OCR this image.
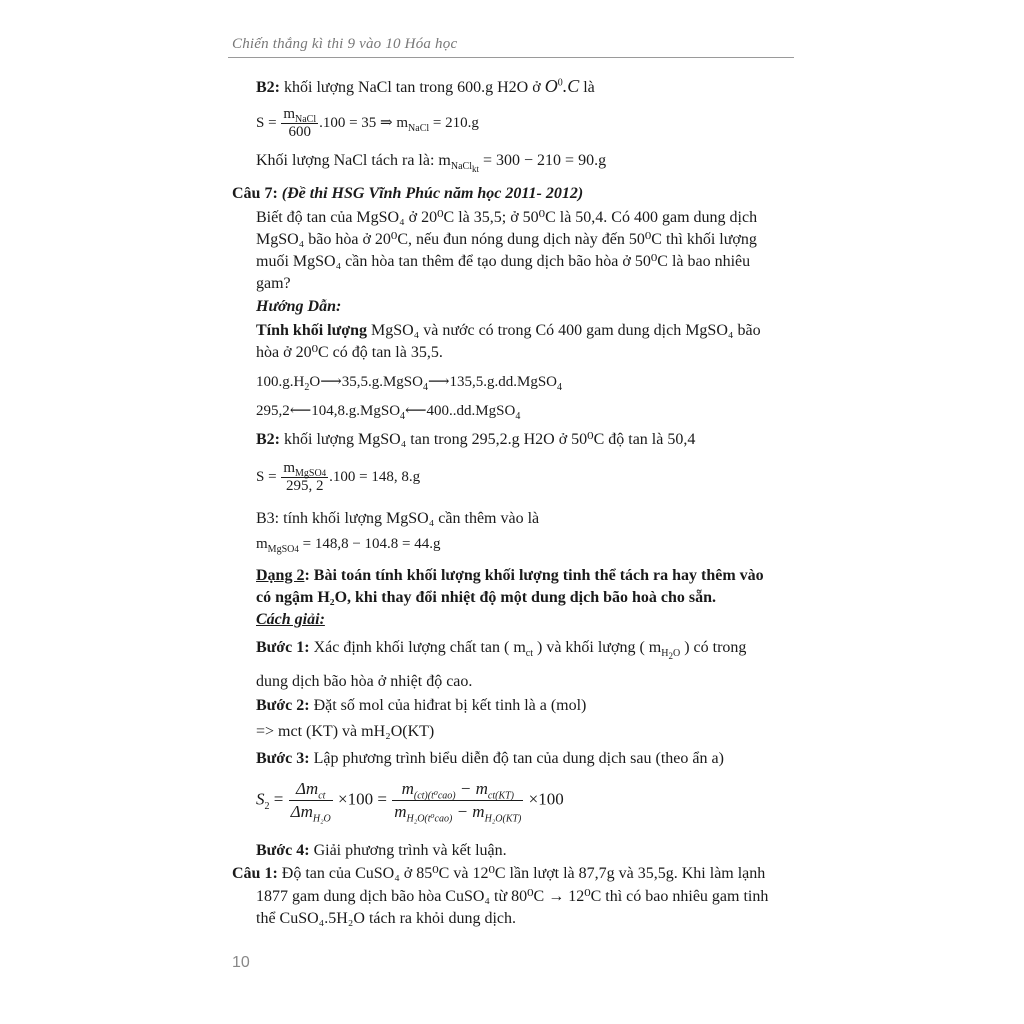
Chiến thắng kì thi 9 vào 10 Hóa học
B2: khối lượng NaCl tan trong 600.g H2O ở $O^0.C$ là
$S = \frac{m_{NaCl}}{600} .100 = 35$ ⇒ $m_{NaCl} = 210.g$
Khối lượng NaCl tách ra là: $m_{NaClkt} = 300 - 210 = 90.g$
Câu 7: (Đề thi HSG Vĩnh Phúc năm học 2011- 2012)
Biết độ tan của MgSO₄ ở 20⁰C là 35,5; ở 50⁰C là 50,4. Có 400 gam dung dịch
MgSO₄ bão hòa ở 20⁰C, nếu đun nóng dung dịch này đến 50⁰C thì khối lượng
muối MgSO₄ cần hòa tan thêm để tạo dung dịch bão hòa ở 50⁰C là bao nhiêu
gam?
Hướng Dẫn:
Tính khối lượng MgSO₄ và nước có trong Có 400 gam dung dịch MgSO₄ bão
hòa ở 20⁰C có độ tan là 35,5.
$100.g.H_2O⟶35,5.g.MgSO_4⟶135,5.g.dd.MgSO_4$
295,2⟵104,8.g.MgSO$_4$⟵400..dd.MgSO$_4$
B2: khối lượng MgSO₄ tan trong 295,2.g H2O ở 50⁰C độ tan là 50,4
$S = \frac{m_{MgSO4}}{295, 2} .100 = 148$, 8.g
B3: tính khối lượng MgSO₄ cần thêm vào là
$m_{MgSO4} = 148,8 - 104.8 = 44.g$
Dạng 2: Bài toán tính khối lượng khối lượng tinh thể tách ra hay thêm vào
có ngậm H₂O, khi thay đổi nhiệt độ một dung dịch bão hoà cho sẵn.
Cách giải:
Bước 1: Xác định khối lượng chất tan ( $m_{ct}$ ) và khối lượng ( $m_{H2O}$ ) có trong
dung dịch bão hòa ở nhiệt độ cao.
Bước 2: Đặt số mol của hiđrat bị kết tinh là a (mol)
=> mct (KT) và mH₂O(KT)
Bước 3: Lập phương trình biểu diễn độ tan của dung dịch sau (theo ẩn a)
$S_2 = \frac{\Delta m_{ct}}{\Delta m_{H_2O}} \times 100 = \frac{m_{(ct)(t^0cao)} - m_{ct(KT)}}{m_{H_2O(t^0cao)} - m_{H_2O(KT)}} \times 100$
Bước 4: Giải phương trình và kết luận.
Câu 1: Độ tan của CuSO₄ ở 85⁰C và 12⁰C lần lượt là 87,7g và 35,5g. Khi làm lạnh
1877 gam dung dịch bão hòa CuSO₄ từ 80⁰C → 12⁰C thì có bao nhiêu gam tinh
thể CuSO₄.5H₂O tách ra khỏi dung dịch.
10
